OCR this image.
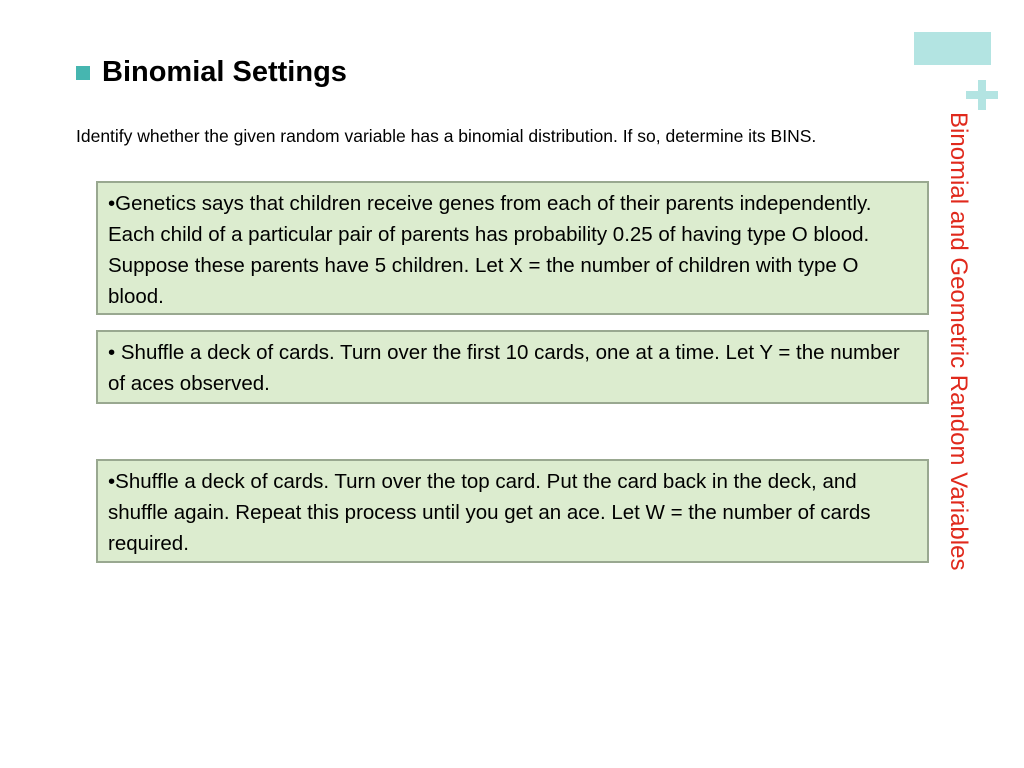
Binomial and Geometric Random Variables
Binomial Settings
Identify whether the given random variable has a binomial distribution. If so, determine its BINS.

•Genetics says that children receive genes from each of their parents independently. Each child of a particular pair of parents has probability 0.25 of having type O blood. Suppose these parents have 5 children. Let X = the number of children with type O blood.

• Shuffle a deck of cards. Turn over the first 10 cards, one at a time. Let Y = the number of aces observed.

•Shuffle a deck of cards. Turn over the top card. Put the card back in the deck, and shuffle again. Repeat this process until you get an ace. Let W = the number of cards required.
